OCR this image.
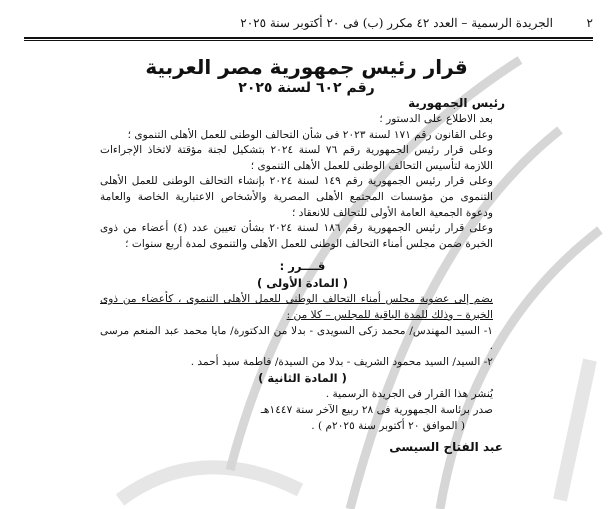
٢
الجريدة الرسمية – العدد ٤٢ مكرر (ب) فى ٢٠ أكتوبر سنة ٢٠٢٥
قرار رئيس جمهورية مصر العربية
رقم ٦٠٢ لسنة ٢٠٢٥

رئيس الجمهورية

بعد الاطلاع على الدستور ؛

وعلى القانون رقم ١٧١ لسنة ٢٠٢٣ فى شأن التحالف الوطنى للعمل الأهلى التنموى ؛

وعلى قرار رئيس الجمهورية رقم ٧٦ لسنة ٢٠٢٤ بتشكيل لجنة مؤقتة لاتخاذ الإجراءات اللازمة لتأسيس التحالف الوطنى للعمل الأهلى التنموى ؛

وعلى قرار رئيس الجمهورية رقم ١٤٩ لسنة ٢٠٢٤ بإنشاء التحالف الوطنى للعمل الأهلى التنموى من مؤسسات المجتمع الأهلى المصرية والأشخاص الاعتبارية الخاصة والعامة ودعوة الجمعية العامة الأولى للتحالف للانعقاد ؛

وعلى قرار رئيس الجمهورية رقم ١٨٦ لسنة ٢٠٢٤ بشأن تعيين عدد (٤) أعضاء من ذوى الخبرة ضمن مجلس أمناء التحالف الوطنى للعمل الأهلى والتنموى لمدة أربع سنوات ؛

قــــرر :

( المادة الأولى )

يضم إلى عضوية مجلس أمناء التحالف الوطنى للعمل الأهلى التنموى ، كأعضاء من ذوى الخبرة – وذلك للمدة الباقية للمجلس – كلا من :

١- السيد المهندس/ محمد زكى السويدى - بدلا من الدكتورة/ مايا محمد عبد المنعم مرسى .

٢- السيد/ السيد محمود الشريف - بدلا من السيدة/ فاطمة سيد أحمد .

( المادة الثانية )

يُنشر هذا القرار فى الجريدة الرسمية .

صدر برئاسة الجمهورية فى ٢٨ ربيع الآخر سنة ١٤٤٧هـ

( الموافق ٢٠ أكتوبر سنة ٢٠٢٥م ) .

عبد الفتاح السيسى
